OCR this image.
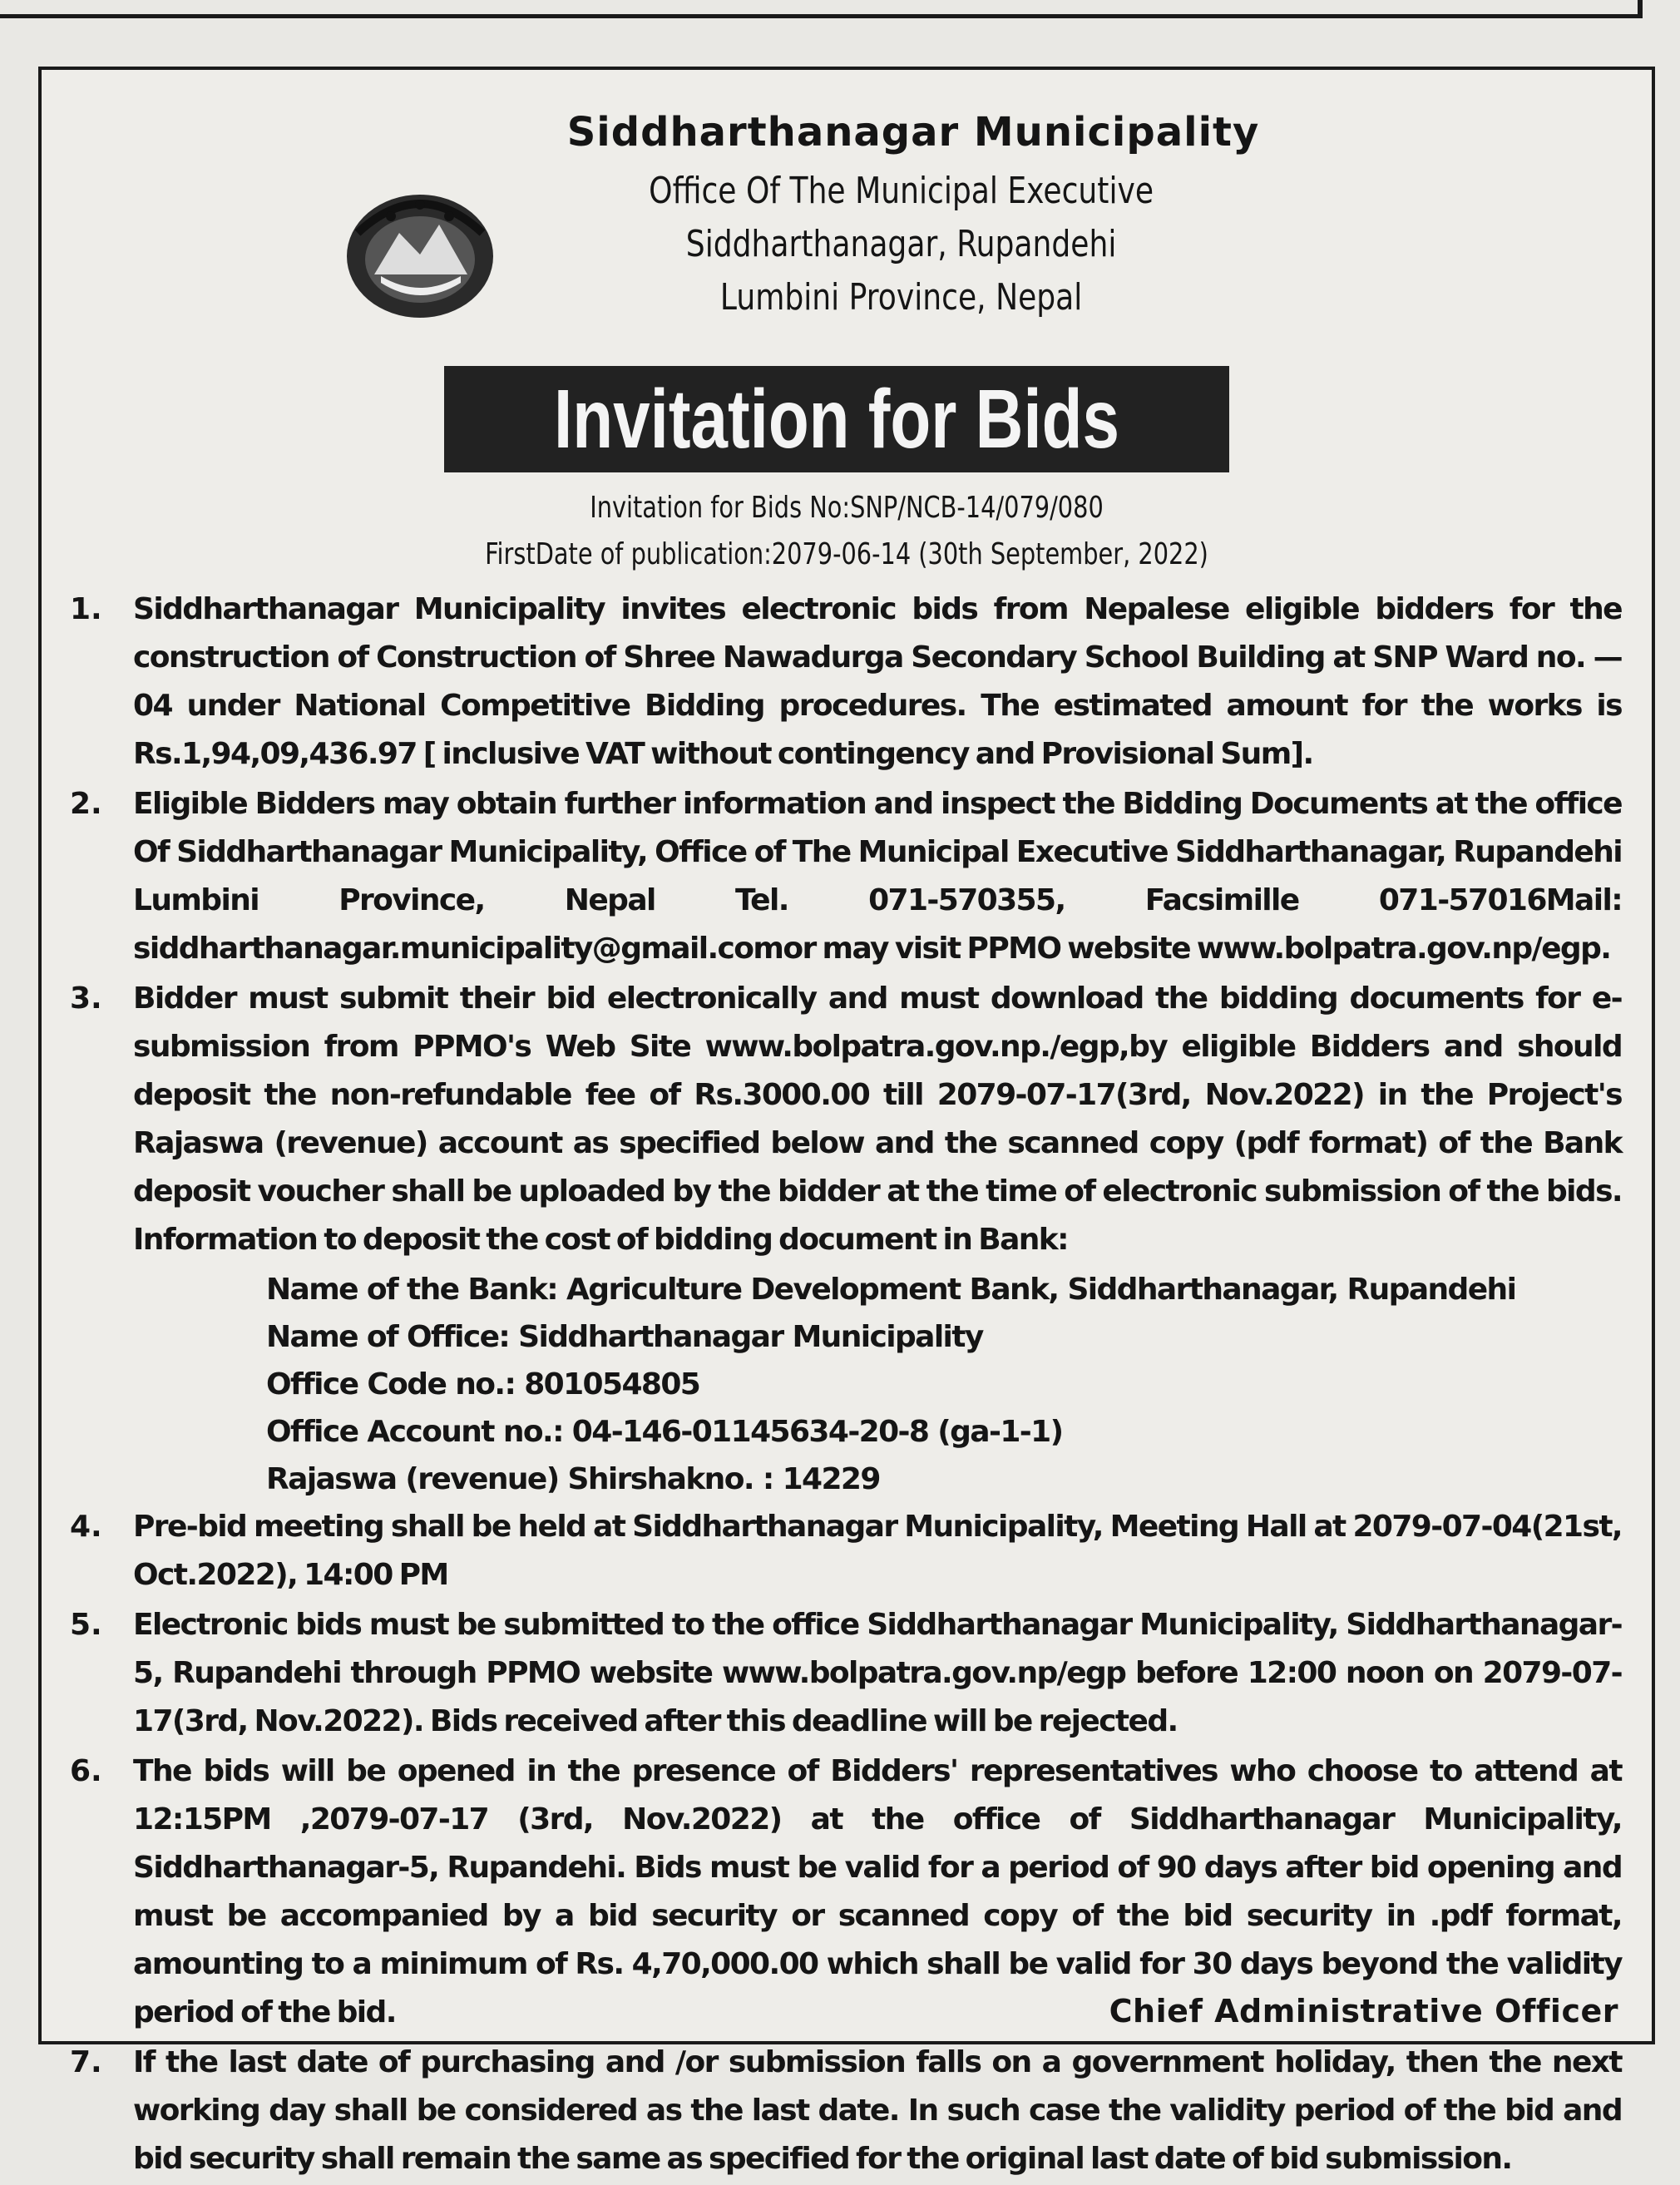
Siddharthanagar Municipality
Office Of The Municipal Executive
Siddharthanagar, Rupandehi
Lumbini Province, Nepal
Invitation for Bids
Invitation for Bids No:SNP/NCB-14/079/080
FirstDate of publication:2079-06-14 (30th September, 2022)
1. Siddharthanagar Municipality invites electronic bids from Nepalese eligible bidders for the construction of Construction of Shree Nawadurga Secondary School Building at SNP Ward no. —04 under National Competitive Bidding procedures. The estimated amount for the works is Rs.1,94,09,436.97 [ inclusive VAT without contingency and Provisional Sum].
2. Eligible Bidders may obtain further information and inspect the Bidding Documents at the office Of Siddharthanagar Municipality, Office of The Municipal Executive Siddharthanagar, Rupandehi Lumbini Province, Nepal Tel. 071-570355, Facsimille 071-57016Mail: siddharthanagar.municipality@gmail.comor may visit PPMO website www.bolpatra.gov.np/egp.
3. Bidder must submit their bid electronically and must download the bidding documents for e-submission from PPMO's Web Site www.bolpatra.gov.np./egp,by eligible Bidders and should deposit the non-refundable fee of Rs.3000.00 till 2079-07-17(3rd, Nov.2022) in the Project's Rajaswa (revenue) account as specified below and the scanned copy (pdf format) of the Bank deposit voucher shall be uploaded by the bidder at the time of electronic submission of the bids. Information to deposit the cost of bidding document in Bank:
Name of the Bank: Agriculture Development Bank, Siddharthanagar, Rupandehi
Name of Office: Siddharthanagar Municipality
Office Code no.: 801054805
Office Account no.: 04-146-01145634-20-8 (ga-1-1)
Rajaswa (revenue) Shirshakno. : 14229
4. Pre-bid meeting shall be held at Siddharthanagar Municipality, Meeting Hall at 2079-07-04(21st, Oct.2022), 14:00 PM
5. Electronic bids must be submitted to the office Siddharthanagar Municipality, Siddharthanagar-5, Rupandehi through PPMO website www.bolpatra.gov.np/egp before 12:00 noon on 2079-07-17(3rd, Nov.2022). Bids received after this deadline will be rejected.
6. The bids will be opened in the presence of Bidders' representatives who choose to attend at 12:15PM ,2079-07-17 (3rd, Nov.2022) at the office of Siddharthanagar Municipality, Siddharthanagar-5, Rupandehi. Bids must be valid for a period of 90 days after bid opening and must be accompanied by a bid security or scanned copy of the bid security in .pdf format, amounting to a minimum of Rs. 4,70,000.00 which shall be valid for 30 days beyond the validity period of the bid.
7. If the last date of purchasing and /or submission falls on a government holiday, then the next working day shall be considered as the last date. In such case the validity period of the bid and bid security shall remain the same as specified for the original last date of bid submission.
Chief Administrative Officer
